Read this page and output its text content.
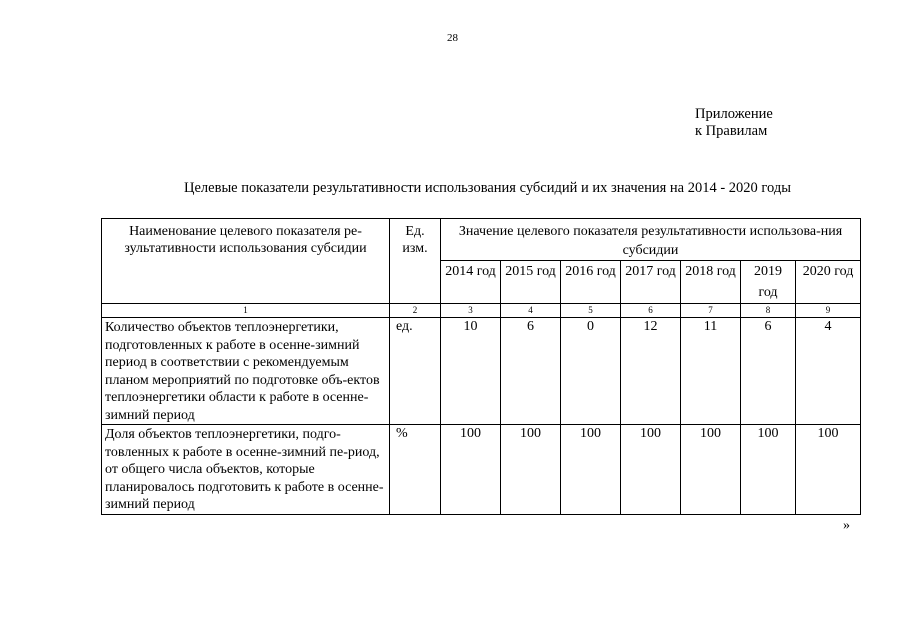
28
Приложение
к Правилам
Целевые показатели результативности использования субсидий и их значения на 2014 - 2020 годы
Наименование целевого показателя ре-зультативности использования субсидии	Ед. изм.	Значение целевого показателя результативности использова-ния субсидии						
		2014 год	2015 год	2016 год	2017 год	2018 год	2019 год	2020 год
1	2	3	4	5	6	7	8	9
Количество объектов теплоэнергетики, подготовленных к работе в осенне-зимний период в соответствии с рекомендуемым планом мероприятий по подготовке объ-ектов теплоэнергетики области к работе в осенне-зимний период	ед.	10	6	0	12	11	6	4
Доля объектов теплоэнергетики, подго-товленных к работе в осенне-зимний пе-риод, от общего числа объектов, которые планировалось подготовить к работе в осенне-зимний период	%	100	100	100	100	100	100	100
»
